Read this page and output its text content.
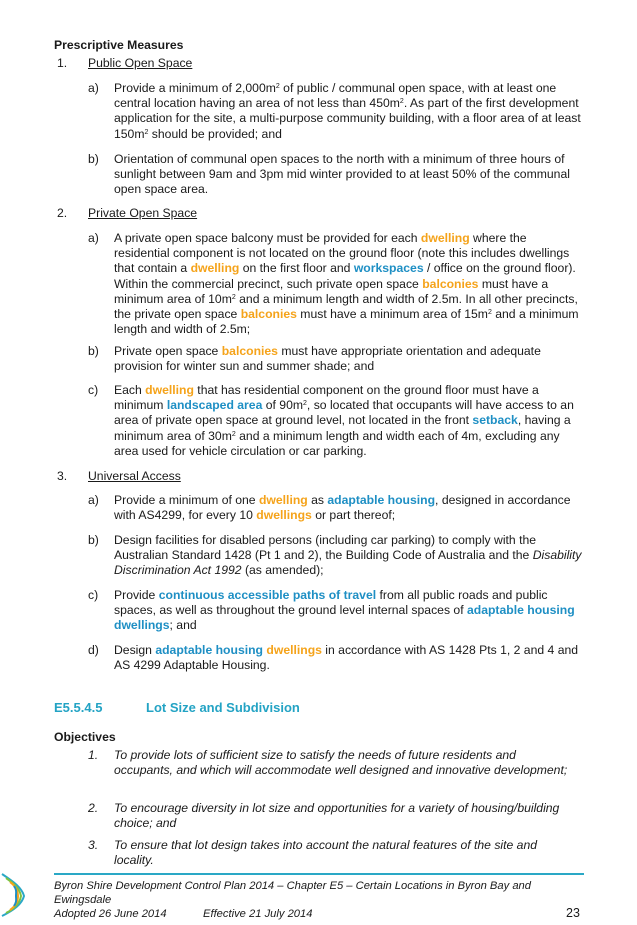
Prescriptive Measures
1. Public Open Space
a) Provide a minimum of $2,000m^2$ of public / communal open space, with at least one central location having an area of not less than $450m^2$. As part of the first development application for the site, a multi-purpose community building, with a floor area of at least $150m^2$ should be provided; and
b) Orientation of communal open spaces to the north with a minimum of three hours of sunlight between 9am and 3pm mid winter provided to at least 50% of the communal open space area.
2. Private Open Space
a) A private open space balcony must be provided for each dwelling where the residential component is not located on the ground floor (note this includes dwellings that contain a dwelling on the first floor and workspaces / office on the ground floor). Within the commercial precinct, such private open space balconies must have a minimum area of $10m^2$ and a minimum length and width of 2.5m. In all other precincts, the private open space balconies must have a minimum area of $15m^2$ and a minimum length and width of 2.5m;
b) Private open space balconies must have appropriate orientation and adequate provision for winter sun and summer shade; and
c) Each dwelling that has residential component on the ground floor must have a minimum landscaped area of $90m^2$, so located that occupants will have access to an area of private open space at ground level, not located in the front setback, having a minimum area of $30m^2$ and a minimum length and width each of 4m, excluding any area used for vehicle circulation or car parking.
3. Universal Access
a) Provide a minimum of one dwelling as adaptable housing, designed in accordance with AS4299, for every 10 dwellings or part thereof;
b) Design facilities for disabled persons (including car parking) to comply with the Australian Standard 1428 (Pt 1 and 2), the Building Code of Australia and the Disability Discrimination Act 1992 (as amended);
c) Provide continuous accessible paths of travel from all public roads and public spaces, as well as throughout the ground level internal spaces of adaptable housing dwellings; and
d) Design adaptable housing dwellings in accordance with AS 1428 Pts 1, 2 and 4 and AS 4299 Adaptable Housing.
E5.5.4.5	Lot Size and Subdivision
Objectives
1. To provide lots of sufficient size to satisfy the needs of future residents and occupants, and which will accommodate well designed and innovative development;
2. To encourage diversity in lot size and opportunities for a variety of housing/building choice; and
3. To ensure that lot design takes into account the natural features of the site and locality.
Byron Shire Development Control Plan 2014 – Chapter E5 – Certain Locations in Byron Bay and Ewingsdale
Adopted 26 June 2014	Effective 21 July 2014	23
